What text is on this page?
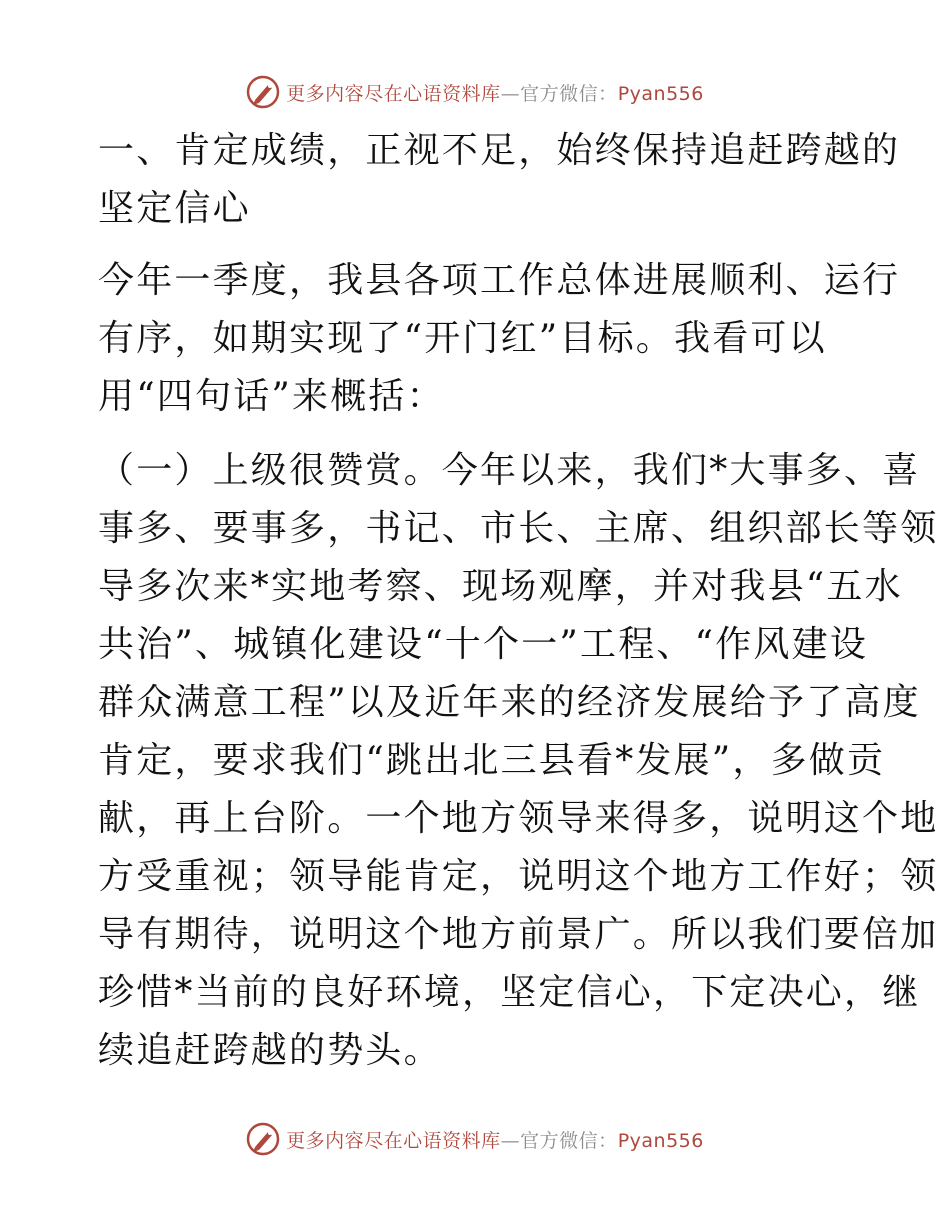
更多内容尽在心语资料库—官方微信：Pyan556
一、肯定成绩，正视不足，始终保持追赶跨越的
坚定信心
今年一季度，我县各项工作总体进展顺利、运行
有序，如期实现了“开门红”目标。我看可以
用“四句话”来概括：
（一）上级很赞赏。今年以来，我们*大事多、喜
事多、要事多，书记、市长、主席、组织部长等领
导多次来*实地考察、现场观摩，并对我县“五水
共治”、城镇化建设“十个一”工程、“作风建设
群众满意工程”以及近年来的经济发展给予了高度
肯定，要求我们“跳出北三县看*发展”，多做贡
献，再上台阶。一个地方领导来得多，说明这个地
方受重视；领导能肯定，说明这个地方工作好；领
导有期待，说明这个地方前景广。所以我们要倍加
珍惜*当前的良好环境，坚定信心，下定决心，继
续追赶跨越的势头。
更多内容尽在心语资料库—官方微信：Pyan556
